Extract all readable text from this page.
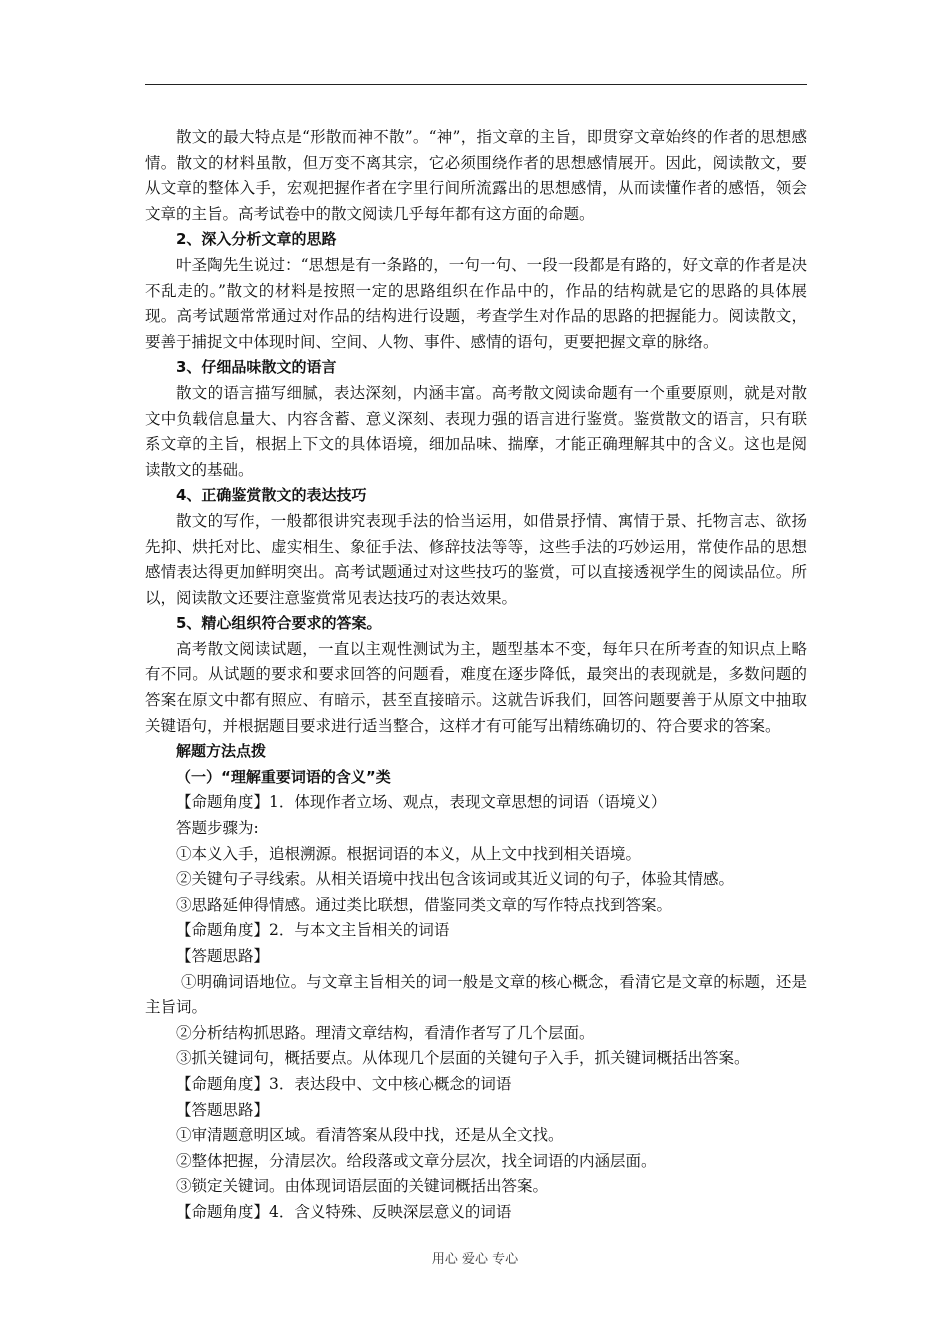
散文的最大特点是“形散而神不散”。“神”，指文章的主旨，即贯穿文章始终的作者的思想感情。散文的材料虽散，但万变不离其宗，它必须围绕作者的思想感情展开。因此，阅读散文，要从文章的整体入手，宏观把握作者在字里行间所流露出的思想感情，从而读懂作者的感悟，领会文章的主旨。高考试卷中的散文阅读几乎每年都有这方面的命题。

2、深入分析文章的思路

叶圣陶先生说过：“思想是有一条路的，一句一句、一段一段都是有路的，好文章的作者是决不乱走的。”散文的材料是按照一定的思路组织在作品中的，作品的结构就是它的思路的具体展现。高考试题常常通过对作品的结构进行设题，考查学生对作品的思路的把握能力。阅读散文，要善于捕捉文中体现时间、空间、人物、事件、感情的语句，更要把握文章的脉络。

3、仔细品味散文的语言

散文的语言描写细腻，表达深刻，内涵丰富。高考散文阅读命题有一个重要原则，就是对散文中负载信息量大、内容含蓄、意义深刻、表现力强的语言进行鉴赏。鉴赏散文的语言，只有联系文章的主旨，根据上下文的具体语境，细加品味、揣摩，才能正确理解其中的含义。这也是阅读散文的基础。

4、正确鉴赏散文的表达技巧

散文的写作，一般都很讲究表现手法的恰当运用，如借景抒情、寓情于景、托物言志、欲扬先抑、烘托对比、虚实相生、象征手法、修辞技法等等，这些手法的巧妙运用，常使作品的思想感情表达得更加鲜明突出。高考试题通过对这些技巧的鉴赏，可以直接透视学生的阅读品位。所以，阅读散文还要注意鉴赏常见表达技巧的表达效果。

5、精心组织符合要求的答案。

高考散文阅读试题，一直以主观性测试为主，题型基本不变，每年只在所考查的知识点上略有不同。从试题的要求和要求回答的问题看，难度在逐步降低，最突出的表现就是，多数问题的答案在原文中都有照应、有暗示，甚至直接暗示。这就告诉我们，回答问题要善于从原文中抽取关键语句，并根据题目要求进行适当整合，这样才有可能写出精练确切的、符合要求的答案。

解题方法点拨

（一）“理解重要词语的含义”类

【命题角度】1．体现作者立场、观点，表现文章思想的词语（语境义）

答题步骤为:

①本义入手，追根溯源。根据词语的本义，从上文中找到相关语境。

②关键句子寻线索。从相关语境中找出包含该词或其近义词的句子，体验其情感。

③思路延伸得情感。通过类比联想，借鉴同类文章的写作特点找到答案。

【命题角度】2．与本文主旨相关的词语

【答题思路】

①明确词语地位。与文章主旨相关的词一般是文章的核心概念，看清它是文章的标题，还是主旨词。

②分析结构抓思路。理清文章结构，看清作者写了几个层面。

③抓关键词句，概括要点。从体现几个层面的关键句子入手，抓关键词概括出答案。

【命题角度】3．表达段中、文中核心概念的词语

【答题思路】

①审清题意明区域。看清答案从段中找，还是从全文找。

②整体把握，分清层次。给段落或文章分层次，找全词语的内涵层面。

③锁定关键词。由体现词语层面的关键词概括出答案。

【命题角度】4．含义特殊、反映深层意义的词语

用心 爱心 专心
